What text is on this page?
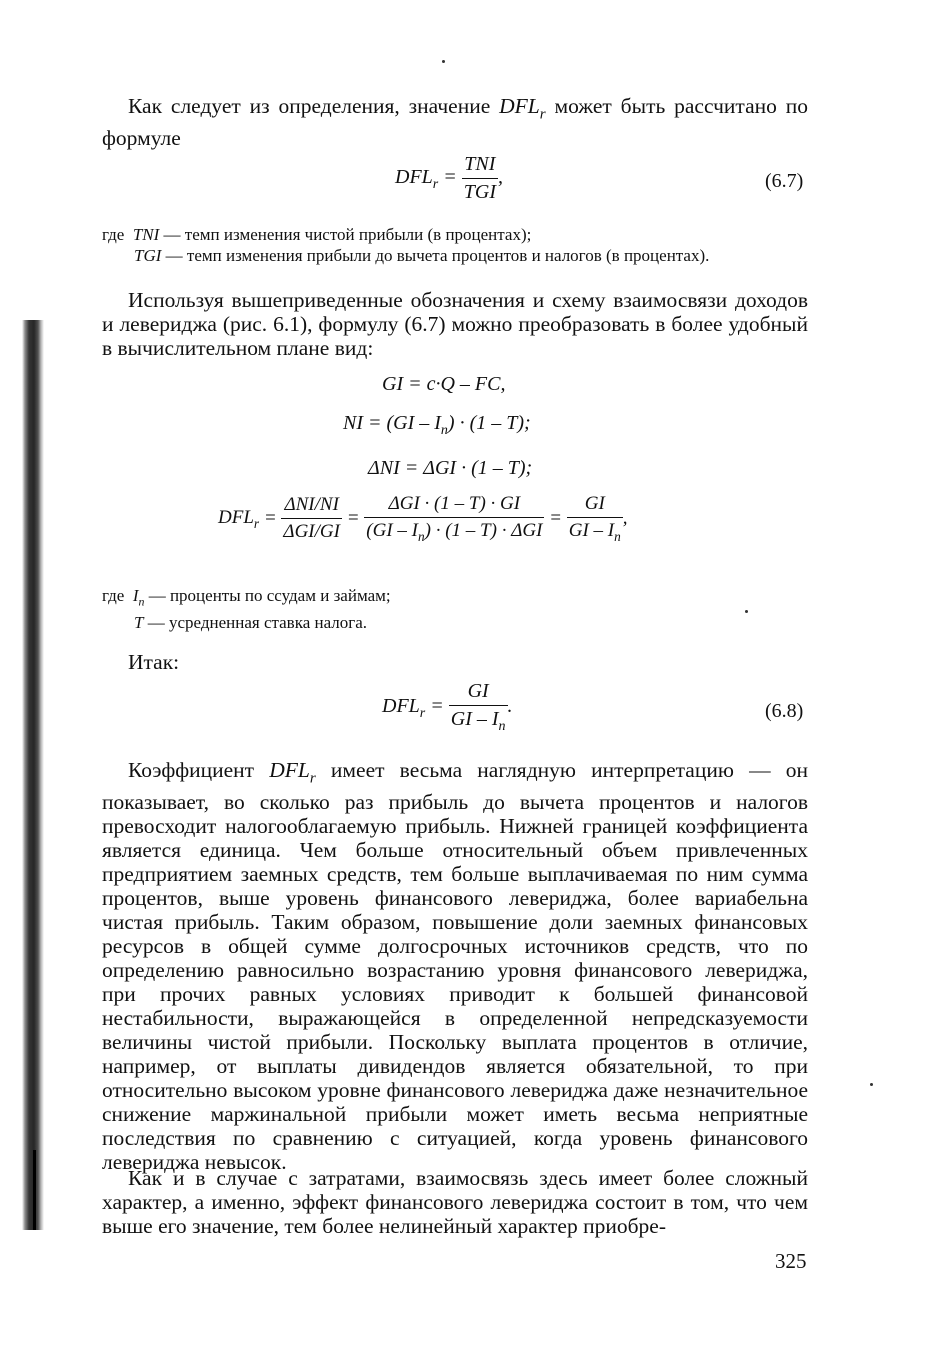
Как следует из определения, значение $DFL_r$ может быть рассчитано по формуле

$DFL_r = \frac{\text{TNI}}{\text{TGI}}$ ,	(6.7)

где TNI — темп изменения чистой прибыли (в процентах);

TGI — темп изменения прибыли до вычета процентов и налогов (в процентах).

Используя вышеприведенные обозначения и схему взаимосвязи доходов и левериджа (рис. 6.1), формулу (6.7) можно преобразовать в более удобный в вычислительном плане вид:

GI = c·Q – FC,
NI = $(GI - I_n) \cdot (1 - T)$;
ΔNI = ΔGI · (1 – T);
$DFL_r = \frac{\text{ΔNI/NI}}{\text{ΔGI/GI}} = \frac{\text{ΔGI · (1 – T) · GI}}{(GI - I_n) \cdot (1 - T) \cdot \Delta GI} = \frac{GI}{GI - I_n}$ ,

где $I_n$ — проценты по ссудам и займам;

T — усредненная ставка налога.

Итак:

$DFL_r = \frac{GI}{GI - I_n}$ .	(6.8)

Коэффициент $DFL_r$ имеет весьма наглядную интерпретацию — он показывает, во сколько раз прибыль до вычета процентов и налогов превосходит налогооблагаемую прибыль. Нижней границей коэффициента является единица. Чем больше относительный объем привлеченных предприятием заемных средств, тем больше выплачиваемая по ним сумма процентов, выше уровень финансового левериджа, более вариабельна чистая прибыль. Таким образом, повышение доли заемных финансовых ресурсов в общей сумме долгосрочных источников средств, что по определению равносильно возрастанию уровня финансового левериджа, при прочих равных условиях приводит к большей финансовой нестабильности, выражающейся в определенной непредсказуемости величины чистой прибыли. Поскольку выплата процентов в отличие, например, от выплаты дивидендов является обязательной, то при относительно высоком уровне финансового левериджа даже незначительное снижение маржинальной прибыли может иметь весьма неприятные последствия по сравнению с ситуацией, когда уровень финансового левериджа невысок.

Как и в случае с затратами, взаимосвязь здесь имеет более сложный характер, а именно, эффект финансового левериджа состоит в том, что чем выше его значение, тем более нелинейный характер приобре-

325
